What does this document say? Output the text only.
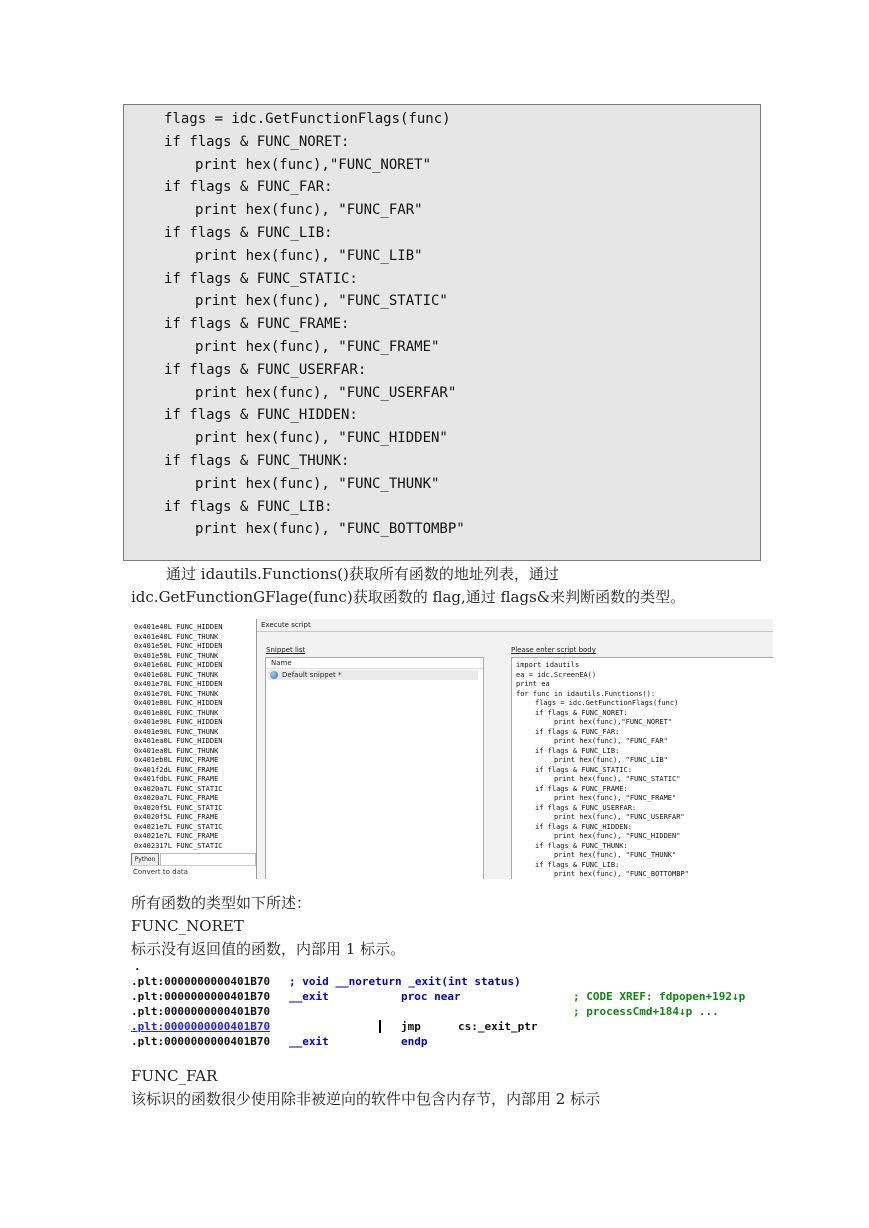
flags = idc.GetFunctionFlags(func)
if flags & FUNC_NORET:
print hex(func),"FUNC_NORET"
if flags & FUNC_FAR:
print hex(func), "FUNC_FAR"
if flags & FUNC_LIB:
print hex(func), "FUNC_LIB"
if flags & FUNC_STATIC:
print hex(func), "FUNC_STATIC"
if flags & FUNC_FRAME:
print hex(func), "FUNC_FRAME"
if flags & FUNC_USERFAR:
print hex(func), "FUNC_USERFAR"
if flags & FUNC_HIDDEN:
print hex(func), "FUNC_HIDDEN"
if flags & FUNC_THUNK:
print hex(func), "FUNC_THUNK"
if flags & FUNC_LIB:
print hex(func), "FUNC_BOTTOMBP"
通过 idautils.Functions()获取所有函数的地址列表，通过
idc.GetFunctionGFlage(func)获取函数的 flag,通过 flags&来判断函数的类型。
0x401e40L FUNC_HIDDEN
0x401e40L FUNC_THUNK
0x401e50L FUNC_HIDDEN
0x401e50L FUNC_THUNK
0x401e60L FUNC_HIDDEN
0x401e60L FUNC_THUNK
0x401e70L FUNC_HIDDEN
0x401e70L FUNC_THUNK
0x401e80L FUNC_HIDDEN
0x401e80L FUNC_THUNK
0x401e90L FUNC_HIDDEN
0x401e90L FUNC_THUNK
0x401ea0L FUNC_HIDDEN
0x401ea0L FUNC_THUNK
0x401eb0L FUNC_FRAME
0x401f2dL FUNC_FRAME
0x401fdbL FUNC_FRAME
0x4020a7L FUNC_STATIC
0x4020a7L FUNC_FRAME
0x4020f5L FUNC_STATIC
0x4020f5L FUNC_FRAME
0x4021e7L FUNC_STATIC
0x4021e7L FUNC_FRAME
0x402317L FUNC_STATIC
Python
Convert to data
Execute script
Snippet list
Name
Default snippet *
Please enter script body
import idautils
ea = idc.ScreenEA()
print ea
for func in idautils.Functions():
flags = idc.GetFunctionFlags(func)
if flags & FUNC_NORET:
print hex(func),"FUNC_NORET"
if flags & FUNC_FAR:
print hex(func), "FUNC_FAR"
if flags & FUNC_LIB:
print hex(func), "FUNC_LIB"
if flags & FUNC_STATIC:
print hex(func), "FUNC_STATIC"
if flags & FUNC_FRAME:
print hex(func), "FUNC_FRAME"
if flags & FUNC_USERFAR:
print hex(func), "FUNC_USERFAR"
if flags & FUNC_HIDDEN:
print hex(func), "FUNC_HIDDEN"
if flags & FUNC_THUNK:
print hex(func), "FUNC_THUNK"
if flags & FUNC_LIB:
print hex(func), "FUNC_BOTTOMBP"
所有函数的类型如下所述：
FUNC_NORET
标示没有返回值的函数，内部用 1 标示。
.
.plt:0000000000401B70 ; void __noreturn _exit(int status)
.plt:0000000000401B70 __exit	proc near	; CODE XREF: fdpopen+192↓p
.plt:0000000000401B70	; processCmd+184↓p ...
.plt:0000000000401B70	jmp	cs:_exit_ptr
.plt:0000000000401B70 __exit	endp
FUNC_FAR
该标识的函数很少使用除非被逆向的软件中包含内存节，内部用 2 标示
